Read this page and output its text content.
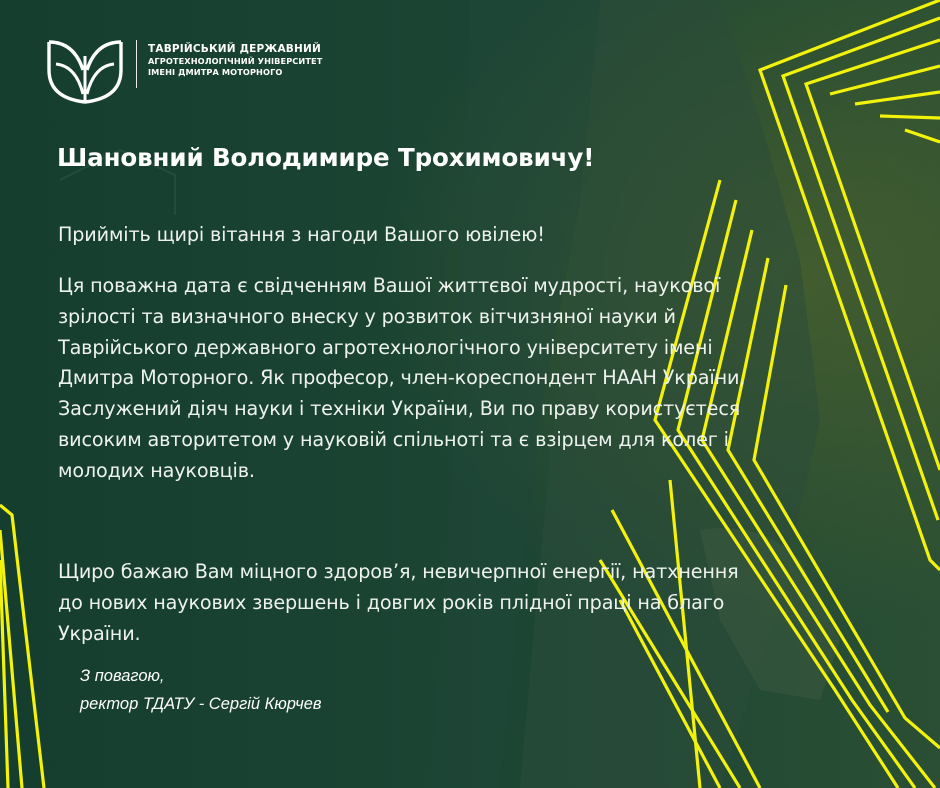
ТАВРІЙСЬКИЙ ДЕРЖАВНИЙ
АГРОТЕХНОЛОГІЧНИЙ УНІВЕРСИТЕТ
ІМЕНІ ДМИТРА МОТОРНОГО
Шановний Володимире Трохимовичу!
Прийміть щирі вітання з нагоди Вашого ювілею!
Ця поважна дата є свідченням Вашої життєвої мудрості, наукової зрілості та визначного внеску у розвиток вітчизняної науки й Таврійського державного агротехнологічного університету імені Дмитра Моторного. Як професор, член-кореспондент НААН України, Заслужений діяч науки і техніки України, Ви по праву користуєтеся високим авторитетом у науковій спільноті та є взірцем для колег і молодих науковців.
Щиро бажаю Вам міцного здоров’я, невичерпної енергії, натхнення до нових наукових звершень і довгих років плідної праці на благо України.
З повагою,
ректор ТДАТУ - Сергій Кюрчев
